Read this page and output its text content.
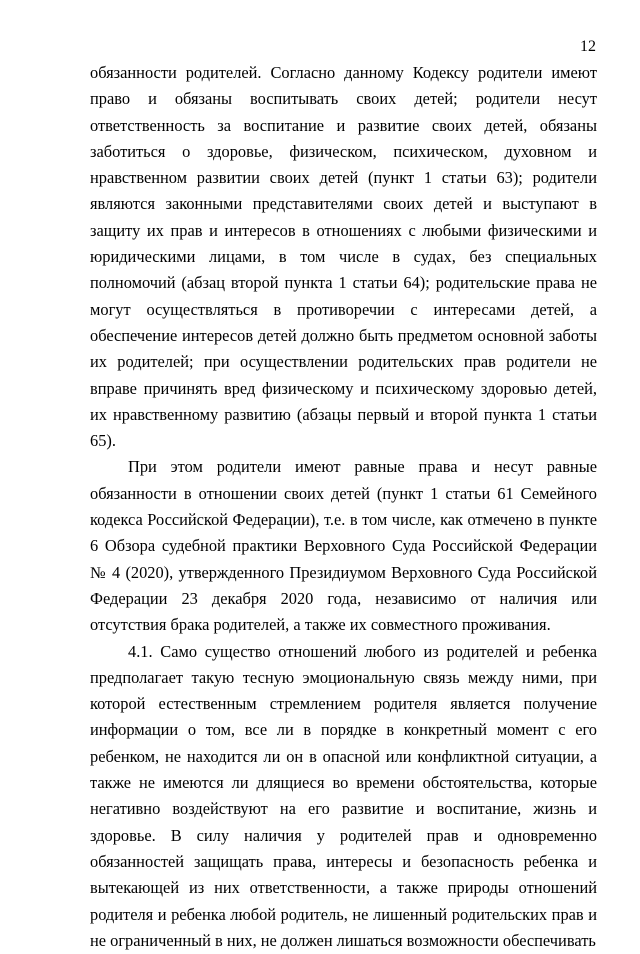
12

обязанности родителей. Согласно данному Кодексу родители имеют право и обязаны воспитывать своих детей; родители несут ответственность за воспитание и развитие своих детей, обязаны заботиться о здоровье, физическом, психическом, духовном и нравственном развитии своих детей (пункт 1 статьи 63); родители являются законными представителями своих детей и выступают в защиту их прав и интересов в отношениях с любыми физическими и юридическими лицами, в том числе в судах, без специальных полномочий (абзац второй пункта 1 статьи 64); родительские права не могут осуществляться в противоречии с интересами детей, а обеспечение интересов детей должно быть предметом основной заботы их родителей; при осуществлении родительских прав родители не вправе причинять вред физическому и психическому здоровью детей, их нравственному развитию (абзацы первый и второй пункта 1 статьи 65).

При этом родители имеют равные права и несут равные обязанности в отношении своих детей (пункт 1 статьи 61 Семейного кодекса Российской Федерации), т.е. в том числе, как отмечено в пункте 6 Обзора судебной практики Верховного Суда Российской Федерации № 4 (2020), утвержденного Президиумом Верховного Суда Российской Федерации 23 декабря 2020 года, независимо от наличия или отсутствия брака родителей, а также их совместного проживания.

4.1. Само существо отношений любого из родителей и ребенка предполагает такую тесную эмоциональную связь между ними, при которой естественным стремлением родителя является получение информации о том, все ли в порядке в конкретный момент с его ребенком, не находится ли он в опасной или конфликтной ситуации, а также не имеются ли длящиеся во времени обстоятельства, которые негативно воздействуют на его развитие и воспитание, жизнь и здоровье. В силу наличия у родителей прав и одновременно обязанностей защищать права, интересы и безопасность ребенка и вытекающей из них ответственности, а также природы отношений родителя и ребенка любой родитель, не лишенный родительских прав и не ограниченный в них, не должен лишаться возможности обеспечивать
